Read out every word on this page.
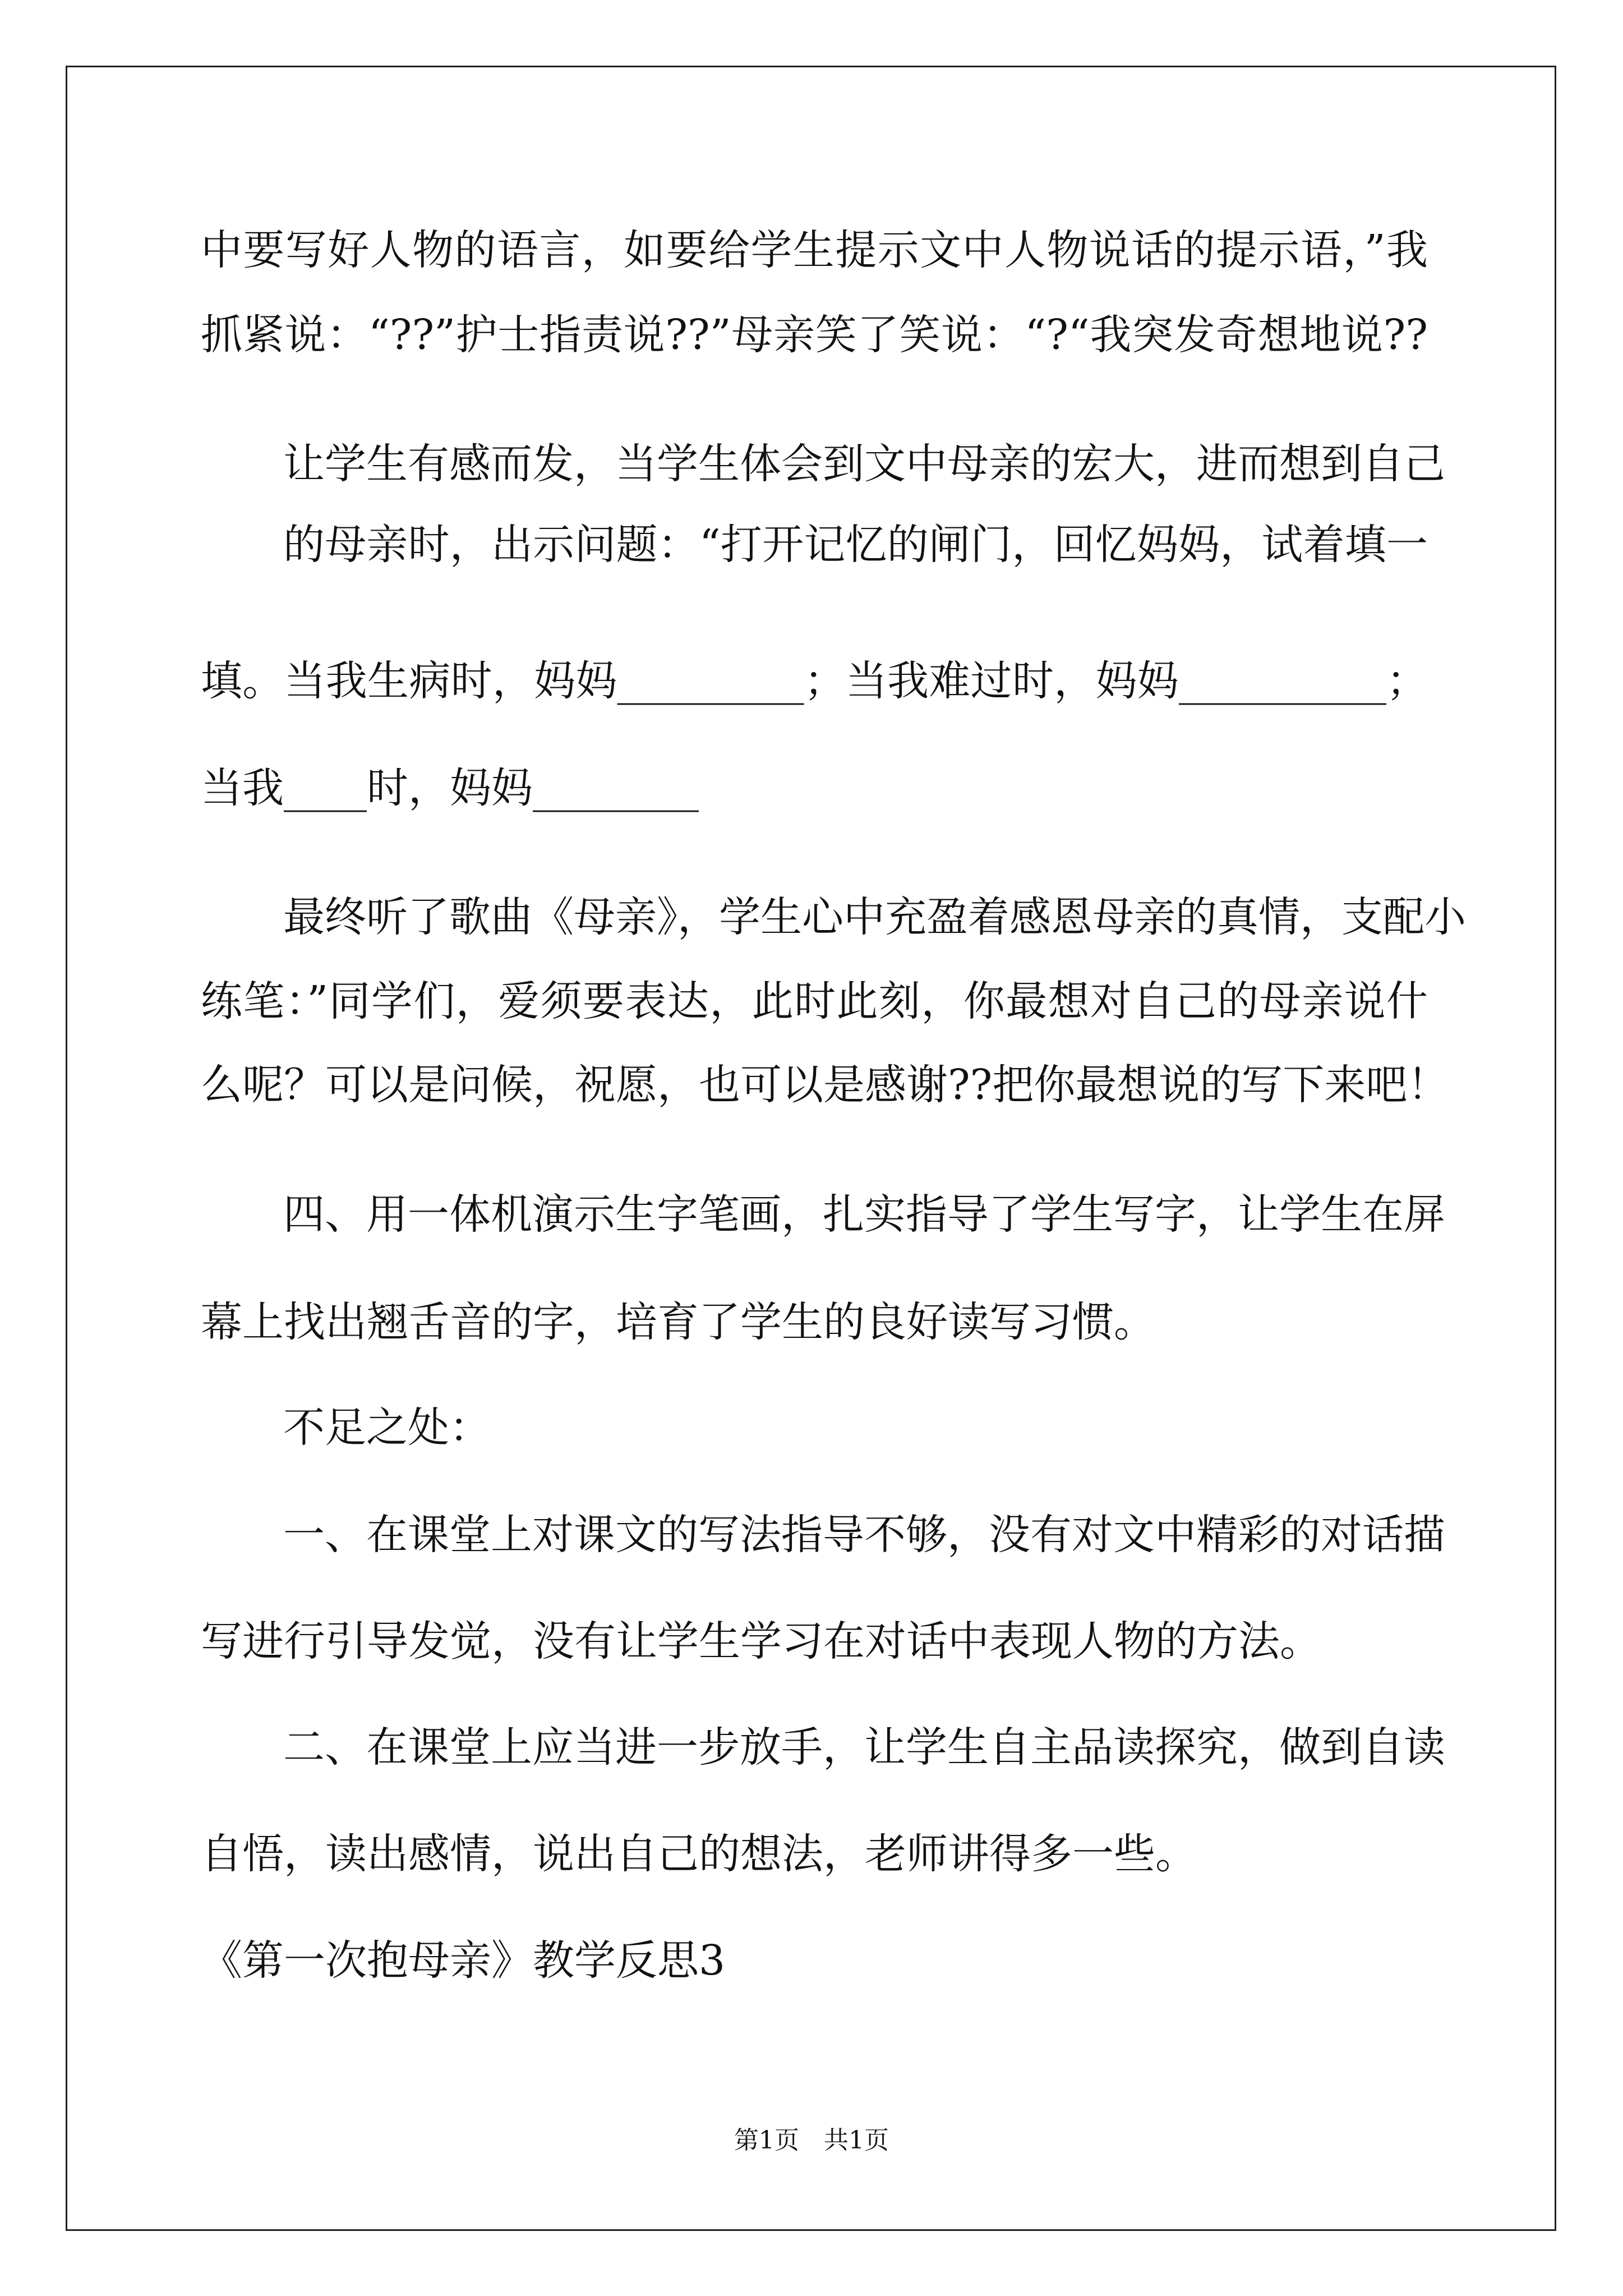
中要写好人物的语言，如要给学生提示文中人物说话的提示语，”我
抓紧说：“??”护士指责说??”母亲笑了笑说：“?“我突发奇想地说??
让学生有感而发，当学生体会到文中母亲的宏大，进而想到自己
的母亲时，出示问题：“打开记忆的闸门，回忆妈妈，试着填一
填。当我生病时，妈妈_________；当我难过时，妈妈__________；
当我____时，妈妈________
最终听了歌曲《母亲》，学生心中充盈着感恩母亲的真情，支配小
练笔：”同学们，爱须要表达，此时此刻，你最想对自己的母亲说什
么呢？可以是问候，祝愿，也可以是感谢??把你最想说的写下来吧！
四、用一体机演示生字笔画，扎实指导了学生写字，让学生在屏
幕上找出翘舌音的字，培育了学生的良好读写习惯。
不足之处：
一、在课堂上对课文的写法指导不够，没有对文中精彩的对话描
写进行引导发觉，没有让学生学习在对话中表现人物的方法。
二、在课堂上应当进一步放手，让学生自主品读探究，做到自读
自悟，读出感情，说出自己的想法，老师讲得多一些。
《第一次抱母亲》教学反思3
第1页　共1页
